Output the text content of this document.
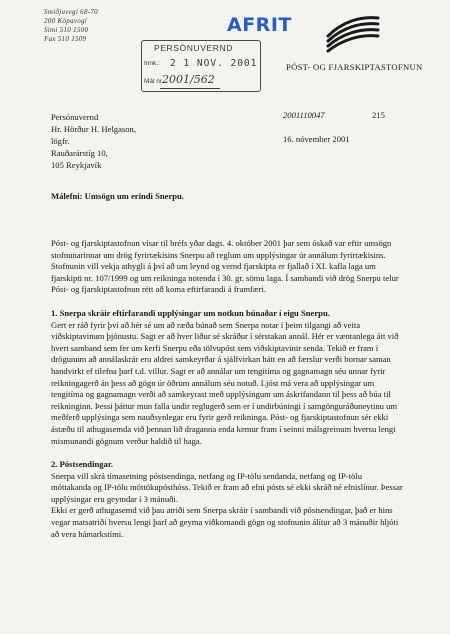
Smiðjuvegi 68-70
200 Kópavogi
Sími 510 1500
Fax 510 1509
PERSÓNUVERND
Innk.: 2 1 NOV. 2001
Mál nr.
2001/562
AFRIT
PÓST- OG FJARSKIPTASTOFNUN
Persónuvernd
Hr. Hörður H. Helgason,
lögfr.
Rauðarárstíg 10,
105 Reykjavík
2001110047	215
16. nóvember 2001
Málefni: Umsögn um erindi Snerpu.

Póst- og fjarskiptastofnun vísar til bréfs yðar dags. 4. október 2001 þar sem óskað var eftir umsögn stofnunarinnar um drög fyrirtækisins Snerpu að reglum um upplýsingar úr annálum fyrirtækisins. Stofnunin vill vekja athygli á því að um leynd og vernd fjarskipta er fjallað í XI. kafla laga um fjarskipti nr. 107/1999 og um reikninga notenda í 30. gr. sömu laga. Í sambandi við drög Snerpu telur Póst- og fjarskiptastofnun rétt að koma eftirfarandi á framfæri.

1. Snerpa skráir eftirfarandi upplýsingar um notkun búnaðar í eigu Snerpu.

Gert er ráð fyrir því að hér sé um að ræða búnað sem Snerpa notar í þeim tilgangi að veita viðskiptavinum þjónustu. Sagt er að hver liður sé skráður í sérstakan annál. Hér er væntanlega átt við hvert samband sem fer um kerfi Snerpu eða tölvupóst sem viðskiptavinir senda. Tekið er fram í drögunum að annálaskrár eru aldrei samkeyrðar á sjálfvirkan hátt en að færslur verði bornar saman handvirkt ef tilefna þarf t.d. villur. Sagt er að annálar um tengitíma og gagnamagn séu unnar fyrir reikningagerð án þess að gögn úr öðrum annálum séu notuð. Ljóst má vera að upplýsingar um tengitíma og gagnamagn verði að samkeyrast með upplýsingum um áskrifandann til þess að búa til reikninginn. Þessi þáttur mun falla undir reglugerð sem er í undirbúningi í samgönguráðuneytinu um meðferð upplýsinga sem nauðsynlegar eru fyrir gerð reikninga. Póst- og fjarskiptastofnun sér ekki ástæðu til athugasemda við þennan lið draganna enda kemur fram í seinni málsgreinum hversu lengi mismunandi gögnum verður haldið til haga.

2. Póstsendingar.

Snerpa vill skrá tímasetning póstsendinga, netfang og IP-tölu sendanda, netfang og IP-tölu móttakanda og IP-tölu móttökupósthóss. Tekið er fram að efni pósts sé ekki skráð né efnislínur. Þessar upplýsingar eru geymdar í 3 mánuði.

Ekki er gerð athugasemd við þau atriði sem Snerpa skráir í sambandi við póstsendingar, það er hins vegar matsatriði hversu lengi þarf að geyma viðkomandi gögn og stofnunin álítur að 3 mánuðir hljóti að vera hámarkstími.
